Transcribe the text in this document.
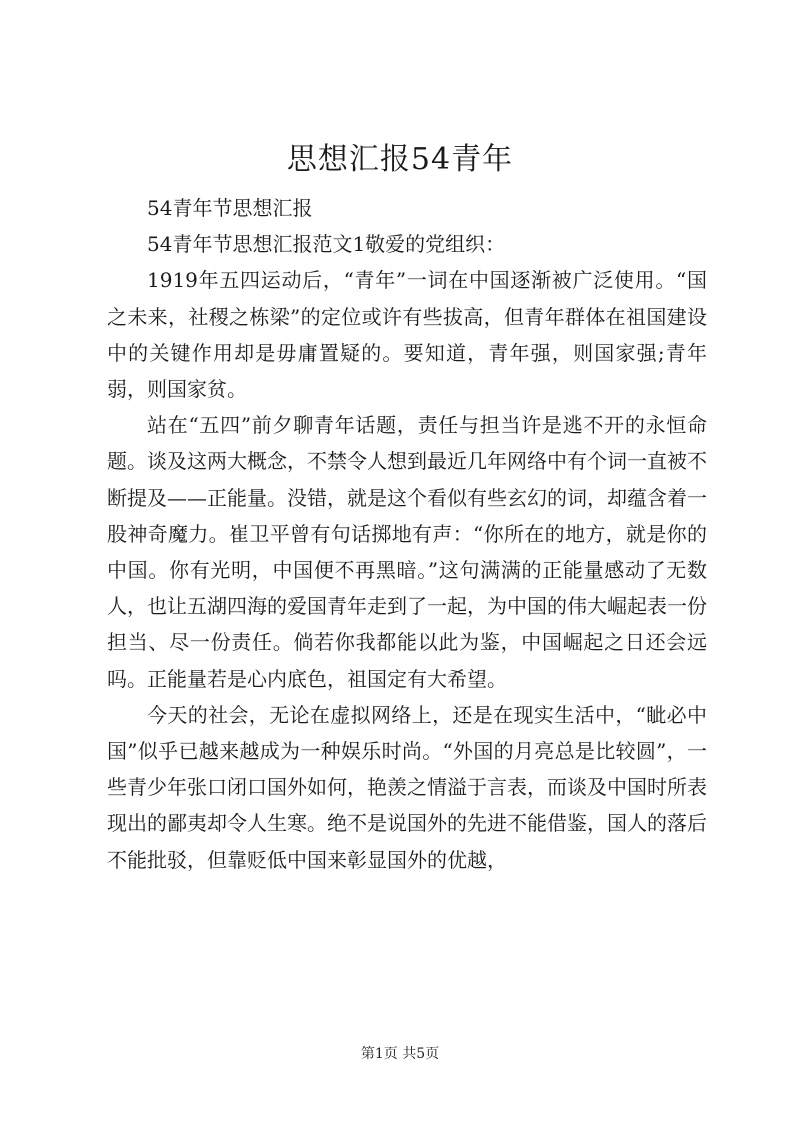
思想汇报54青年

54青年节思想汇报

54青年节思想汇报范文1敬爱的党组织：

1919年五四运动后，“青年”一词在中国逐渐被广泛使用。“国之未来，社稷之栋梁”的定位或许有些拔高，但青年群体在祖国建设中的关键作用却是毋庸置疑的。要知道，青年强，则国家强;青年弱，则国家贫。

站在“五四”前夕聊青年话题，责任与担当许是逃不开的永恒命题。谈及这两大概念，不禁令人想到最近几年网络中有个词一直被不断提及——正能量。没错，就是这个看似有些玄幻的词，却蕴含着一股神奇魔力。崔卫平曾有句话掷地有声：“你所在的地方，就是你的中国。你有光明，中国便不再黑暗。”这句满满的正能量感动了无数人，也让五湖四海的爱国青年走到了一起，为中国的伟大崛起表一份担当、尽一份责任。倘若你我都能以此为鉴，中国崛起之日还会远吗。正能量若是心内底色，祖国定有大希望。

今天的社会，无论在虚拟网络上，还是在现实生活中，“眦必中国”似乎已越来越成为一种娱乐时尚。“外国的月亮总是比较圆”，一些青少年张口闭口国外如何，艳羡之情溢于言表，而谈及中国时所表现出的鄙夷却令人生寒。绝不是说国外的先进不能借鉴，国人的落后不能批驳，但靠贬低中国来彰显国外的优越，

第1页 共5页
